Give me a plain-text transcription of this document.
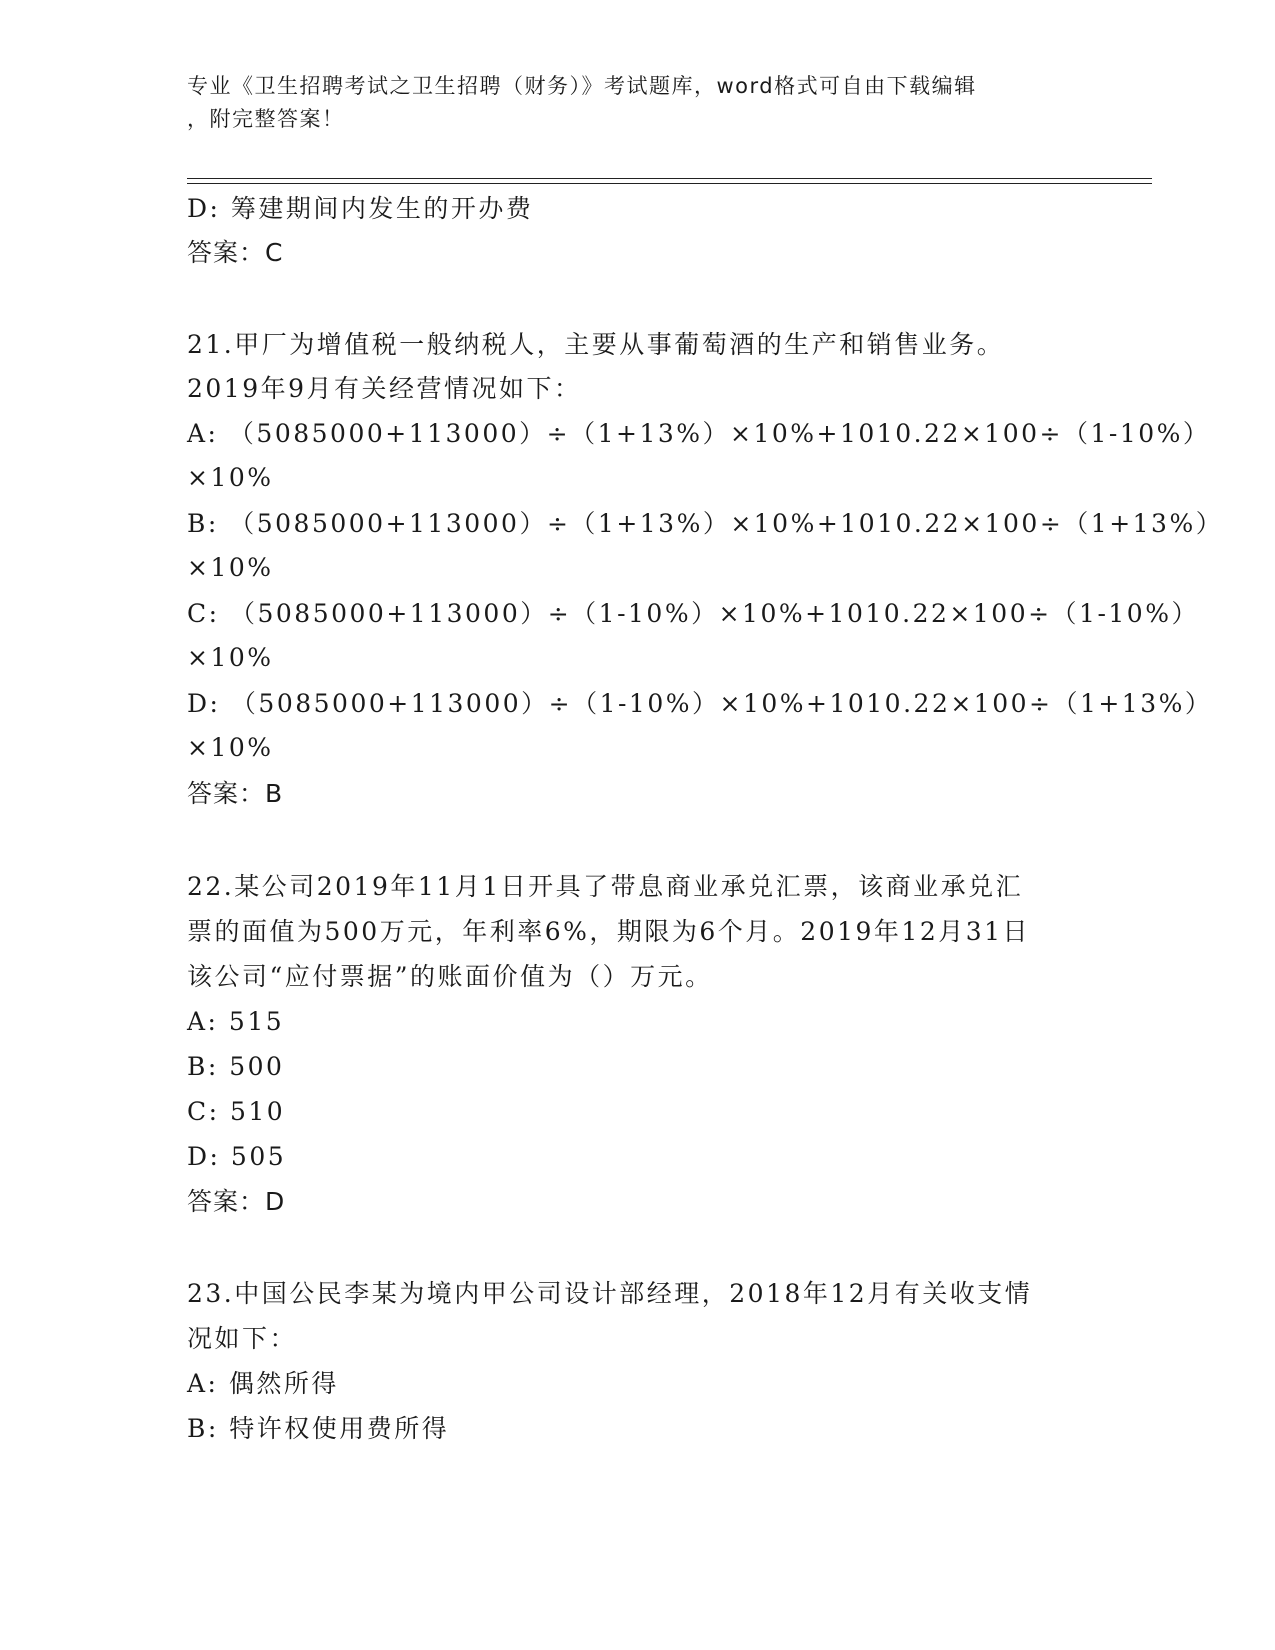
专业《卫生招聘考试之卫生招聘（财务）》考试题库，word格式可自由下载编辑
，附完整答案！
D: 筹建期间内发生的开办费
答案：C
21.甲厂为增值税一般纳税人，主要从事葡萄酒的生产和销售业务。
2019年9月有关经营情况如下：
A: （5085000+113000）÷（1+13%）×10%+1010.22×100÷（1-10%）
×10%
B: （5085000+113000）÷（1+13%）×10%+1010.22×100÷（1+13%）
×10%
C: （5085000+113000）÷（1-10%）×10%+1010.22×100÷（1-10%）
×10%
D: （5085000+113000）÷（1-10%）×10%+1010.22×100÷（1+13%）
×10%
答案：B
22.某公司2019年11月1日开具了带息商业承兑汇票，该商业承兑汇
票的面值为500万元，年利率6%，期限为6个月。2019年12月31日
该公司“应付票据”的账面价值为（）万元。
A: 515
B: 500
C: 510
D: 505
答案：D
23.中国公民李某为境内甲公司设计部经理，2018年12月有关收支情
况如下：
A: 偶然所得
B: 特许权使用费所得
